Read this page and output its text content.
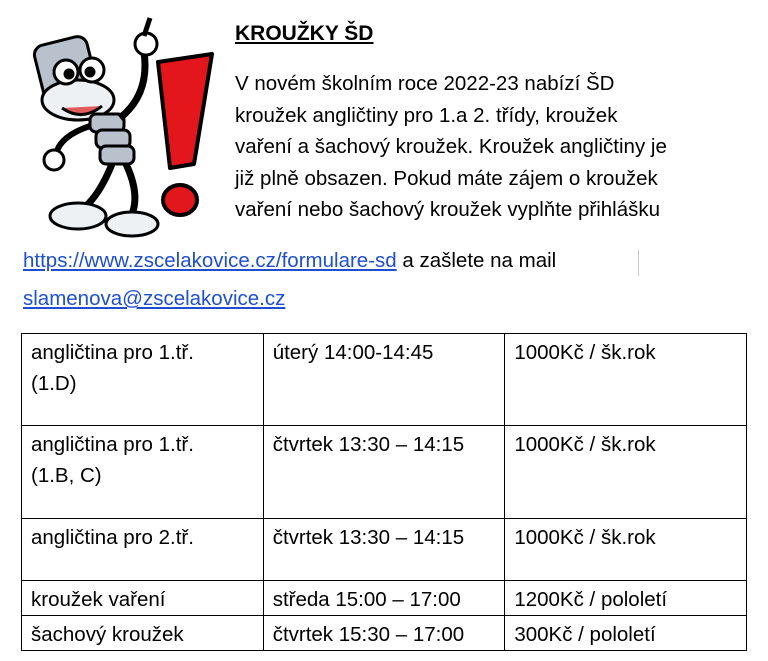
KROUŽKY ŠD
V novém školním roce 2022-23 nabízí ŠD
kroužek angličtiny pro 1.a 2. třídy, kroužek
vaření a šachový kroužek. Kroužek angličtiny je
již plně obsazen. Pokud máte zájem o kroužek
vaření nebo šachový kroužek vyplňte přihlášku
https://www.zscelakovice.cz/formulare-sd a zašlete na mail
slamenova@zscelakovice.cz
angličtina pro 1.tř.
(1.D)	úterý 14:00-14:45	1000Kč / šk.rok

angličtina pro 1.tř.
(1.B, C)	čtvrtek 13:30 – 14:15	1000Kč / šk.rok
angličtina pro 2.tř.	čtvrtek 13:30 – 14:15	1000Kč / šk.rok
kroužek vaření	středa 15:00 – 17:00	1200Kč / pololetí
šachový kroužek	čtvrtek 15:30 – 17:00	300Kč / pololetí
